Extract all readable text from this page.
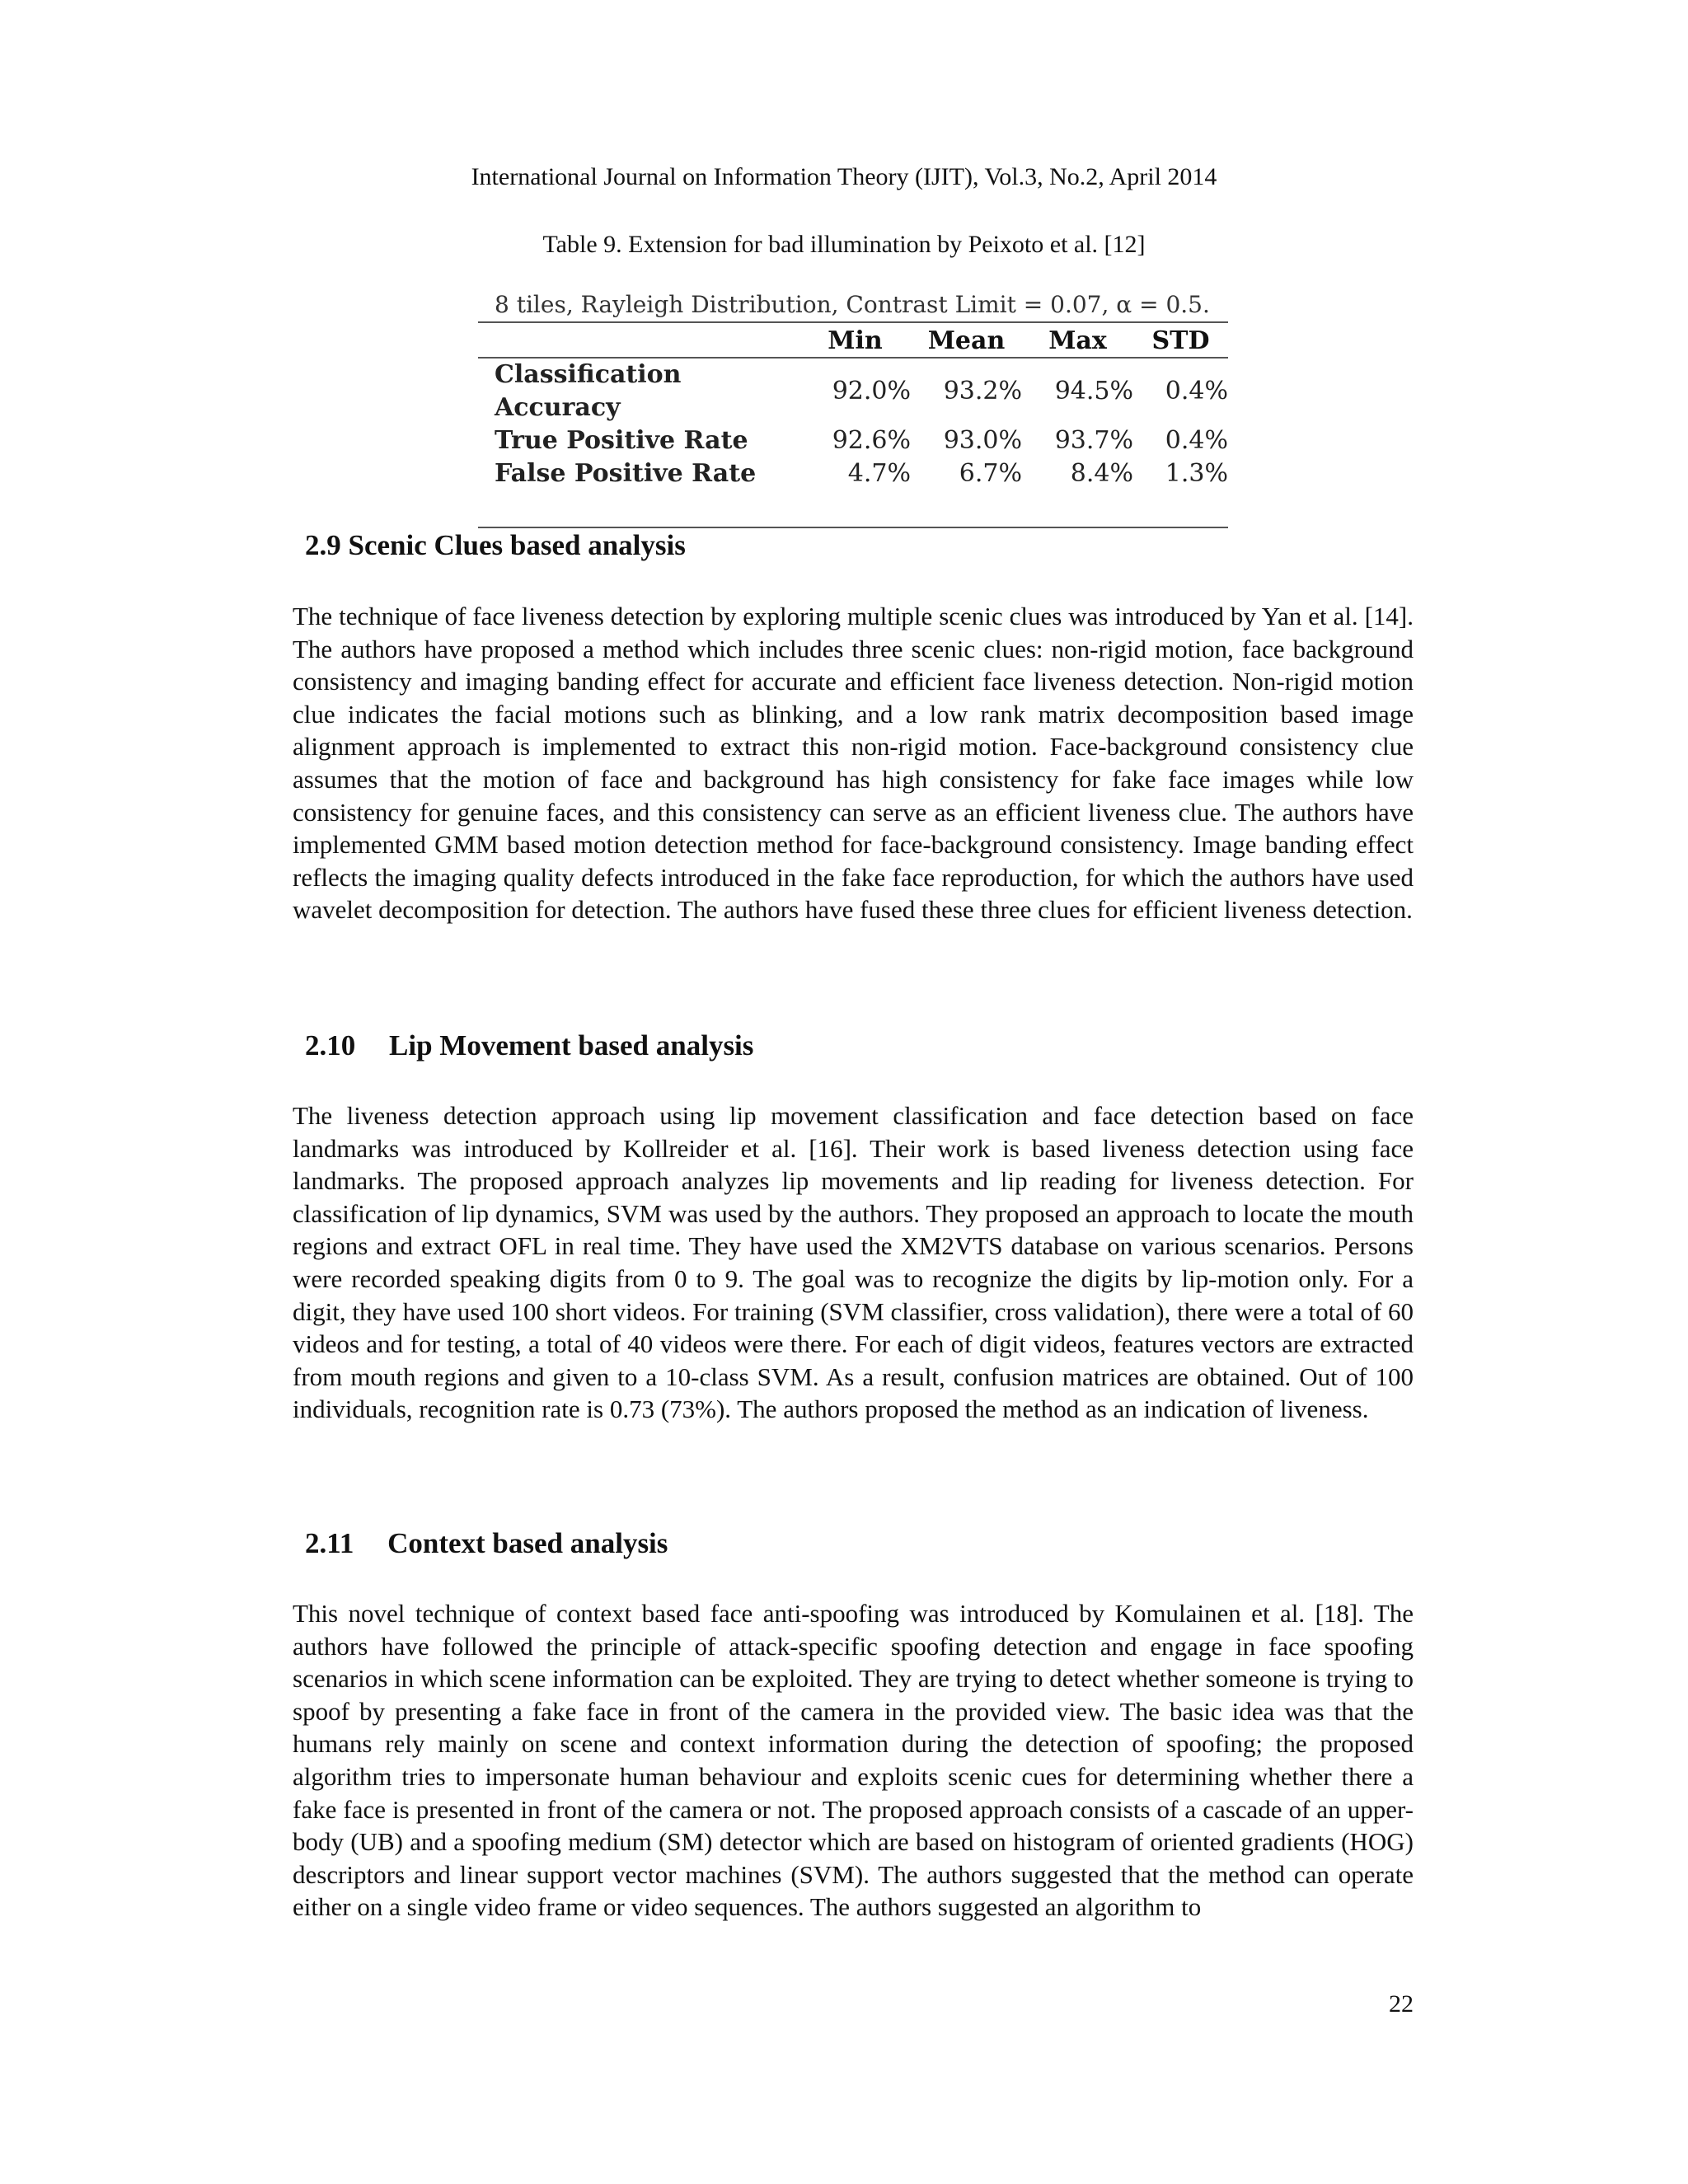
International Journal on Information Theory (IJIT), Vol.3, No.2, April 2014
Table 9. Extension for bad illumination by Peixoto et al. [12]
8 tiles, Rayleigh Distribution, Contrast Limit = 0.07, α = 0.5.
	Min	Mean	Max	STD
Classification Accuracy	92.0%	93.2%	94.5%	0.4%
True Positive Rate	92.6%	93.0%	93.7%	0.4%
False Positive Rate	4.7%	6.7%	8.4%	1.3%
2.9 Scenic Clues based analysis
The technique of face liveness detection by exploring multiple scenic clues was introduced by Yan et al. [14]. The authors have proposed a method which includes three scenic clues: non-rigid motion, face background consistency and imaging banding effect for accurate and efficient face liveness detection. Non-rigid motion clue indicates the facial motions such as blinking, and a low rank matrix decomposition based image alignment approach is implemented to extract this non-rigid motion. Face-background consistency clue assumes that the motion of face and background has high consistency for fake face images while low consistency for genuine faces, and this consistency can serve as an efficient liveness clue. The authors have implemented GMM based motion detection method for face-background consistency. Image banding effect reflects the imaging quality defects introduced in the fake face reproduction, for which the authors have used wavelet decomposition for detection. The authors have fused these three clues for efficient liveness detection.
2.10 Lip Movement based analysis
The liveness detection approach using lip movement classification and face detection based on face landmarks was introduced by Kollreider et al. [16]. Their work is based liveness detection using face landmarks. The proposed approach analyzes lip movements and lip reading for liveness detection. For classification of lip dynamics, SVM was used by the authors. They proposed an approach to locate the mouth regions and extract OFL in real time. They have used the XM2VTS database on various scenarios. Persons were recorded speaking digits from 0 to 9. The goal was to recognize the digits by lip-motion only. For a digit, they have used 100 short videos. For training (SVM classifier, cross validation), there were a total of 60 videos and for testing, a total of 40 videos were there. For each of digit videos, features vectors are extracted from mouth regions and given to a 10-class SVM. As a result, confusion matrices are obtained. Out of 100 individuals, recognition rate is 0.73 (73%). The authors proposed the method as an indication of liveness.
2.11 Context based analysis
This novel technique of context based face anti-spoofing was introduced by Komulainen et al. [18]. The authors have followed the principle of attack-specific spoofing detection and engage in face spoofing scenarios in which scene information can be exploited. They are trying to detect whether someone is trying to spoof by presenting a fake face in front of the camera in the provided view. The basic idea was that the humans rely mainly on scene and context information during the detection of spoofing; the proposed algorithm tries to impersonate human behaviour and exploits scenic cues for determining whether there a fake face is presented in front of the camera or not. The proposed approach consists of a cascade of an upper-body (UB) and a spoofing medium (SM) detector which are based on histogram of oriented gradients (HOG) descriptors and linear support vector machines (SVM). The authors suggested that the method can operate either on a single video frame or video sequences. The authors suggested an algorithm to
22
